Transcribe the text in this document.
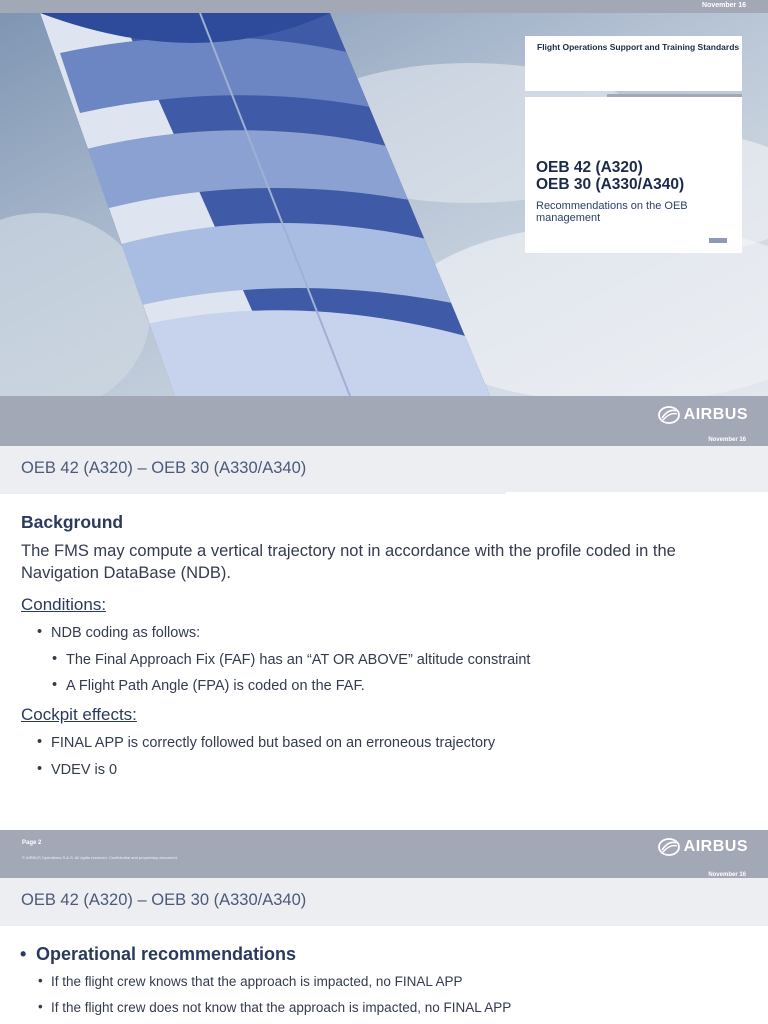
November 16
Flight Operations Support and Training Standards
OEB 42 (A320)
OEB 30 (A330/A340)
Recommendations on the OEB management
AIRBUS
November 16
OEB 42 (A320) – OEB 30 (A330/A340)
Background
The FMS may compute a vertical trajectory not in accordance with the profile coded in the Navigation DataBase (NDB).
Conditions:
• NDB coding as follows:
• The Final Approach Fix (FAF) has an “AT OR ABOVE” altitude constraint
• A Flight Path Angle (FPA) is coded on the FAF.
Cockpit effects:
• FINAL APP is correctly followed but based on an erroneous trajectory
• VDEV is 0
Page 2
© AIRBUS Operations S.A.S. All rights reserved. Confidential and proprietary document.
AIRBUS
November 16
OEB 42 (A320) – OEB 30 (A330/A340)
• Operational recommendations
• If the flight crew knows that the approach is impacted, no FINAL APP
• If the flight crew does not know that the approach is impacted, no FINAL APP
